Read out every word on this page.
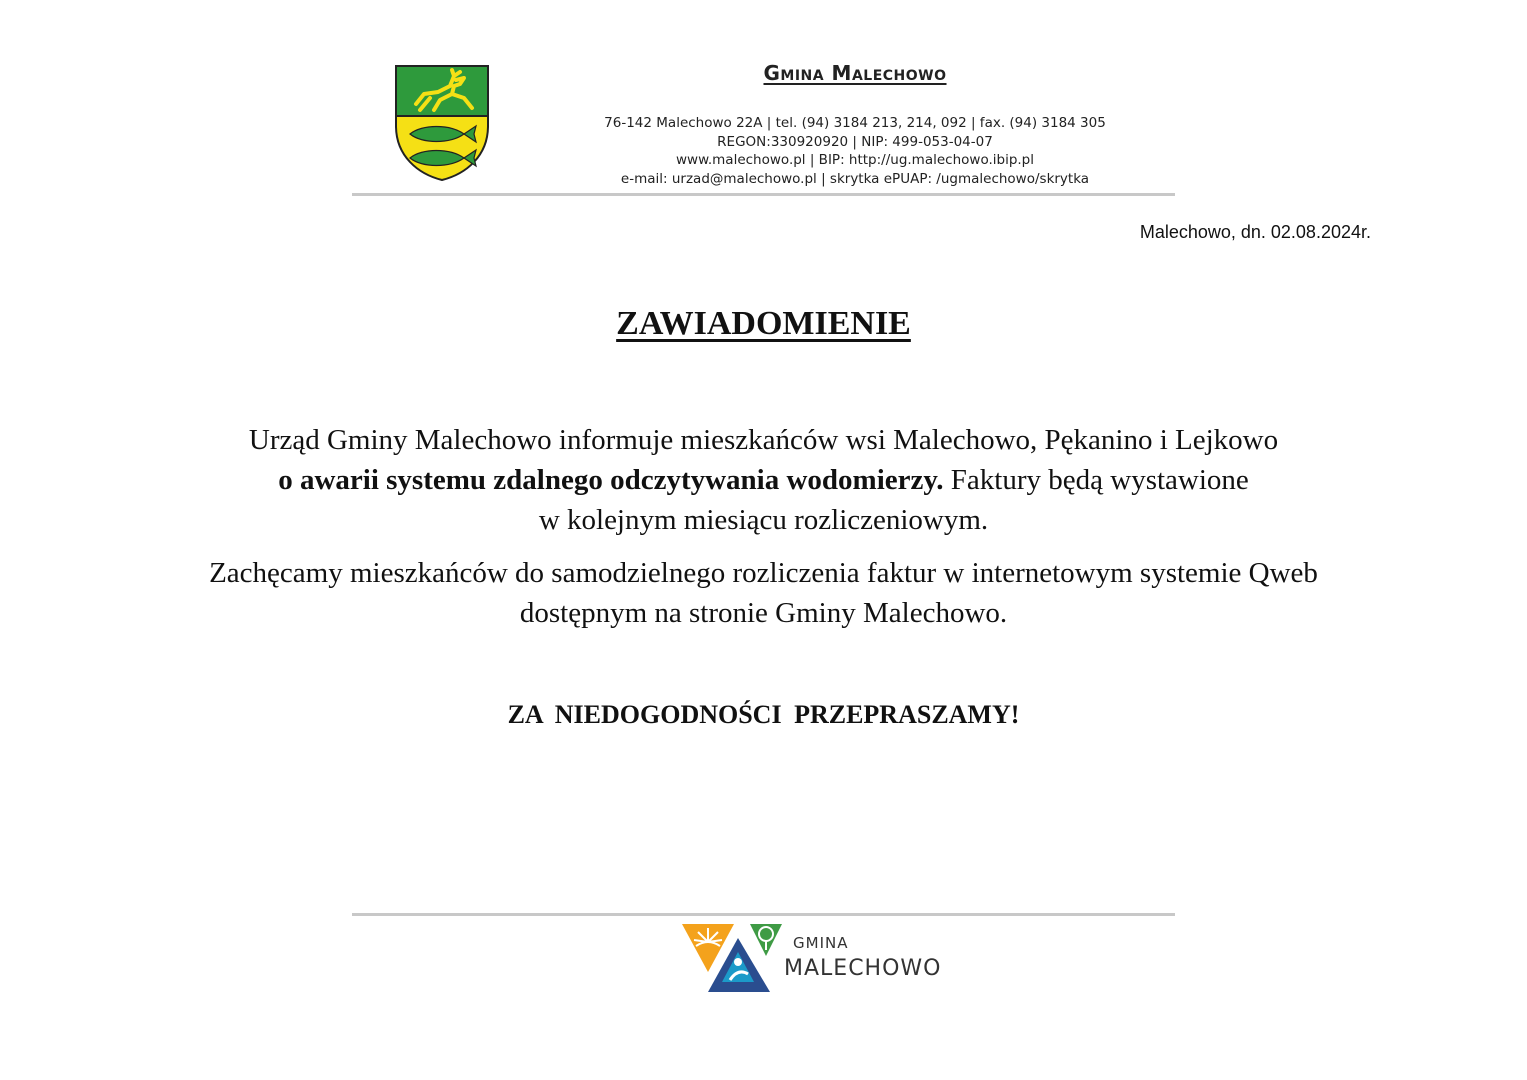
Gmina Malechowo
76-142 Malechowo 22A | tel. (94) 3184 213, 214, 092 | fax. (94) 3184 305
REGON:330920920 | NIP: 499-053-04-07
www.malechowo.pl | BIP: http://ug.malechowo.ibip.pl
e-mail: urzad@malechowo.pl | skrytka ePUAP: /ugmalechowo/skrytka
Malechowo, dn. 02.08.2024r.
ZAWIADOMIENIE
Urząd Gminy Malechowo informuje mieszkańców wsi Malechowo, Pękanino i Lejkowo
o awarii systemu zdalnego odczytywania wodomierzy. Faktury będą wystawione
w kolejnym miesiącu rozliczeniowym.
Zachęcamy mieszkańców do samodzielnego rozliczenia faktur w internetowym systemie Qweb
dostępnym na stronie Gminy Malechowo.
ZA NIEDOGODNOŚCI PRZEPRASZAMY!
GMINA
MALECHOWO
